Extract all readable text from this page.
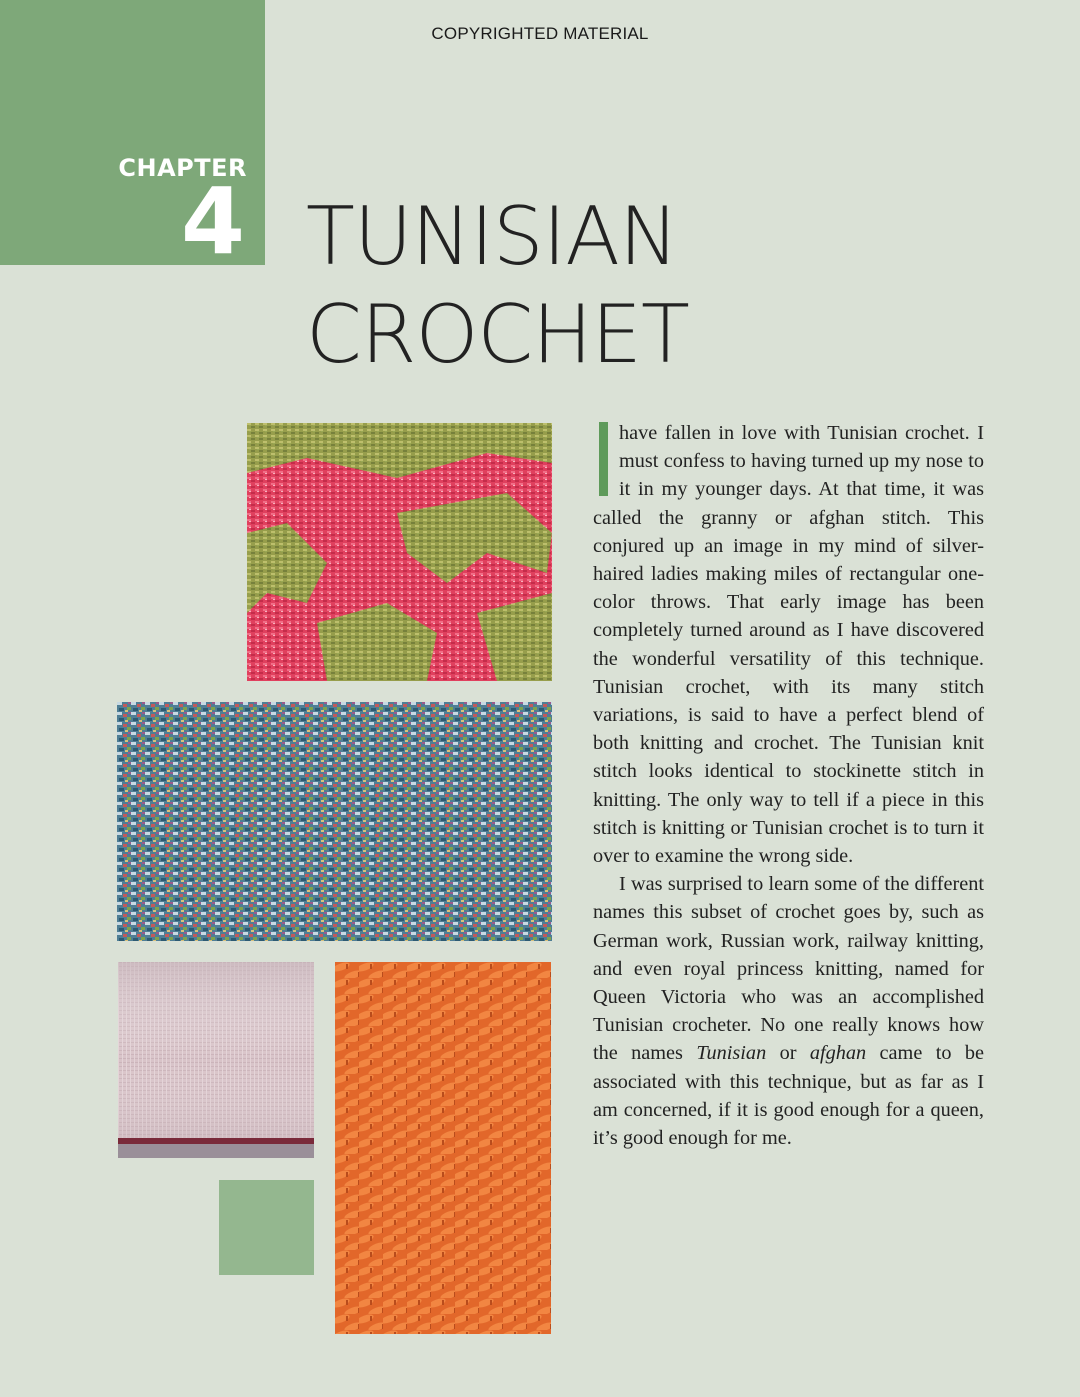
COPYRIGHTED MATERIAL
CHAPTER
4 TUNISIAN
CROCHET

have fallen in love with Tunisian crochet. I must confess to having turned up my nose to it in my younger days. At that time, it was called the granny or afghan stitch. This conjured up an image in my mind of silver-haired ladies making miles of rectangular one-color throws. That early image has been completely turned around as I have discovered the wonderful versatility of this technique. Tunisian crochet, with its many stitch variations, is said to have a perfect blend of both knitting and crochet. The Tunisian knit stitch looks identical to stockinette stitch in knitting. The only way to tell if a piece in this stitch is knitting or Tunisian crochet is to turn it over to examine the wrong side.

I was surprised to learn some of the different names this subset of crochet goes by, such as German work, Russian work, railway knitting, and even royal princess knitting, named for Queen Victoria who was an accomplished Tunisian crocheter. No one really knows how the names Tunisian or afghan came to be associated with this technique, but as far as I am concerned, if it is good enough for a queen, it’s good enough for me.
